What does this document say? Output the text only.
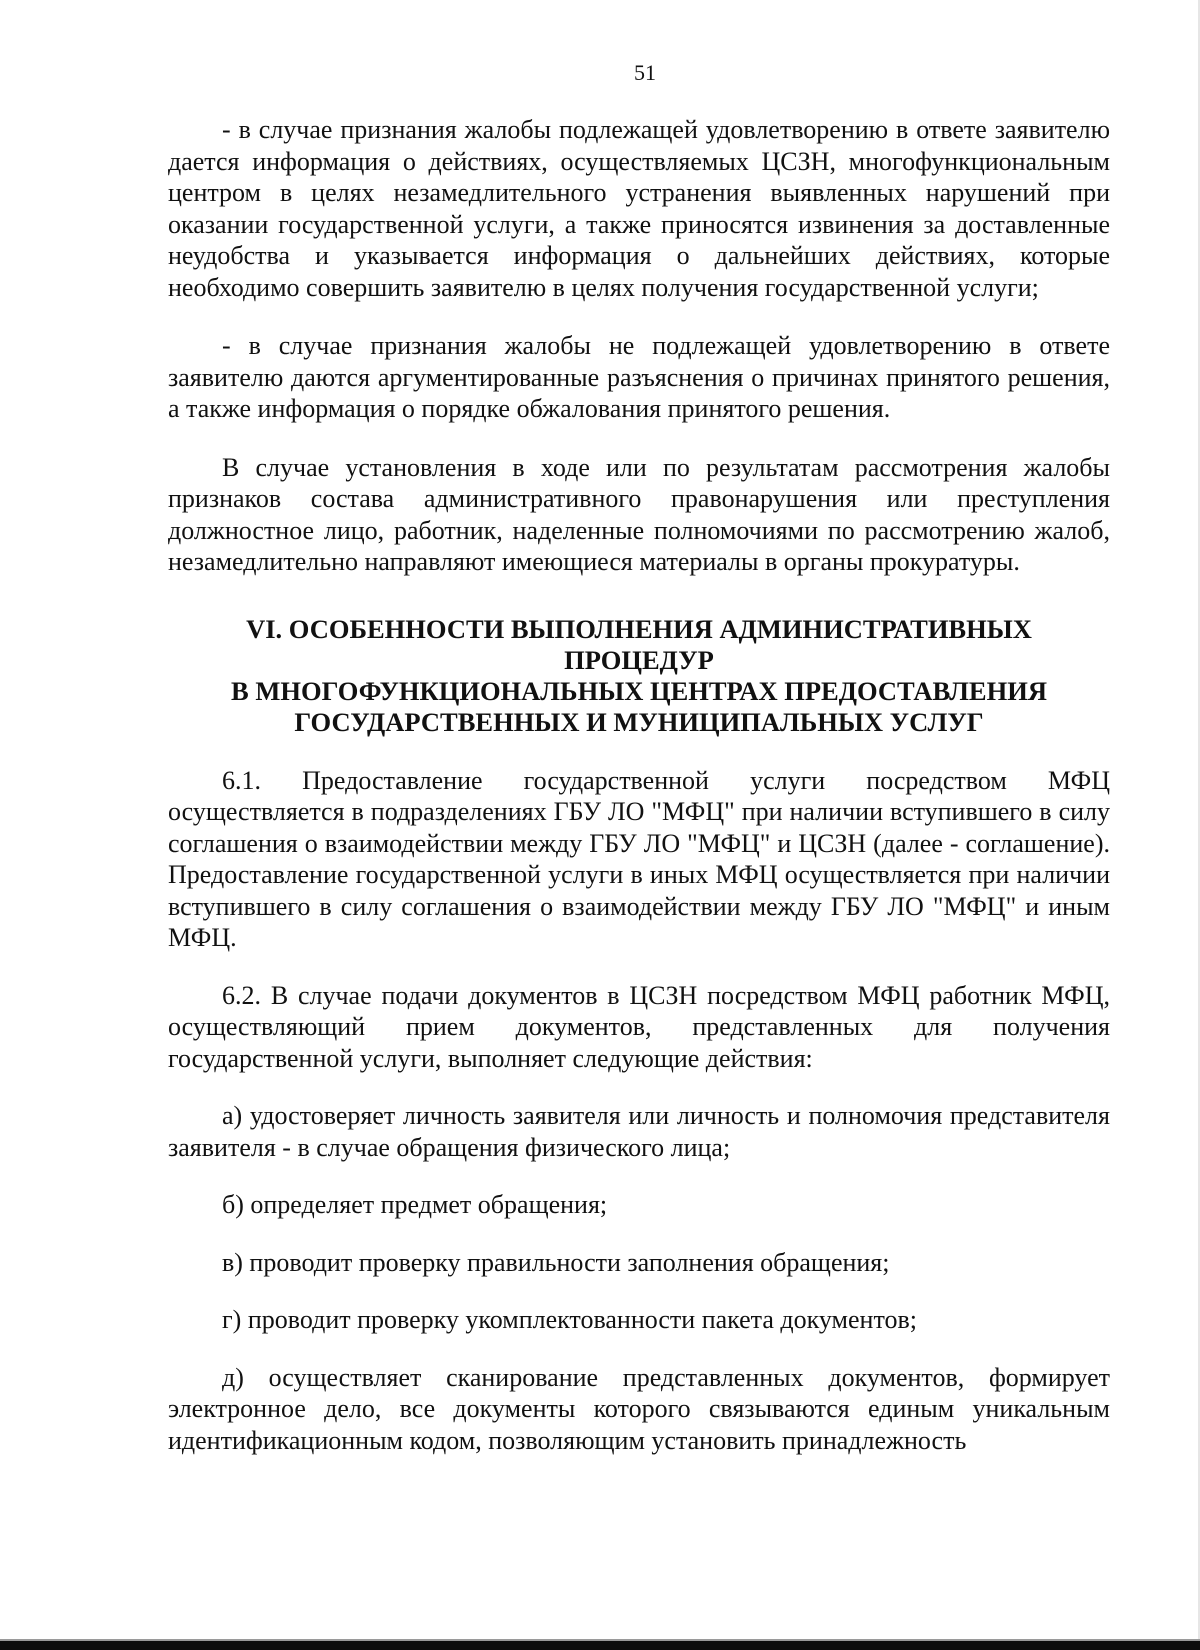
51

- в случае признания жалобы подлежащей удовлетворению в ответе заявителю дается информация о действиях, осуществляемых ЦСЗН, многофункциональным центром в целях незамедлительного устранения выявленных нарушений при оказании государственной услуги, а также приносятся извинения за доставленные неудобства и указывается информация о дальнейших действиях, которые необходимо совершить заявителю в целях получения государственной услуги;

- в случае признания жалобы не подлежащей удовлетворению в ответе заявителю даются аргументированные разъяснения о причинах принятого решения, а также информация о порядке обжалования принятого решения.

В случае установления в ходе или по результатам рассмотрения жалобы признаков состава административного правонарушения или преступления должностное лицо, работник, наделенные полномочиями по рассмотрению жалоб, незамедлительно направляют имеющиеся материалы в органы прокуратуры.

VI. ОСОБЕННОСТИ ВЫПОЛНЕНИЯ АДМИНИСТРАТИВНЫХ
ПРОЦЕДУР
В МНОГОФУНКЦИОНАЛЬНЫХ ЦЕНТРАХ ПРЕДОСТАВЛЕНИЯ
ГОСУДАРСТВЕННЫХ И МУНИЦИПАЛЬНЫХ УСЛУГ

6.1. Предоставление государственной услуги посредством МФЦ осуществляется в подразделениях ГБУ ЛО "МФЦ" при наличии вступившего в силу соглашения о взаимодействии между ГБУ ЛО "МФЦ" и ЦСЗН (далее - соглашение). Предоставление государственной услуги в иных МФЦ осуществляется при наличии вступившего в силу соглашения о взаимодействии между ГБУ ЛО "МФЦ" и иным МФЦ.

6.2. В случае подачи документов в ЦСЗН посредством МФЦ работник МФЦ, осуществляющий прием документов, представленных для получения государственной услуги, выполняет следующие действия:

а) удостоверяет личность заявителя или личность и полномочия представителя заявителя - в случае обращения физического лица;

б) определяет предмет обращения;

в) проводит проверку правильности заполнения обращения;

г) проводит проверку укомплектованности пакета документов;

д) осуществляет сканирование представленных документов, формирует электронное дело, все документы которого связываются единым уникальным идентификационным кодом, позволяющим установить принадлежность
